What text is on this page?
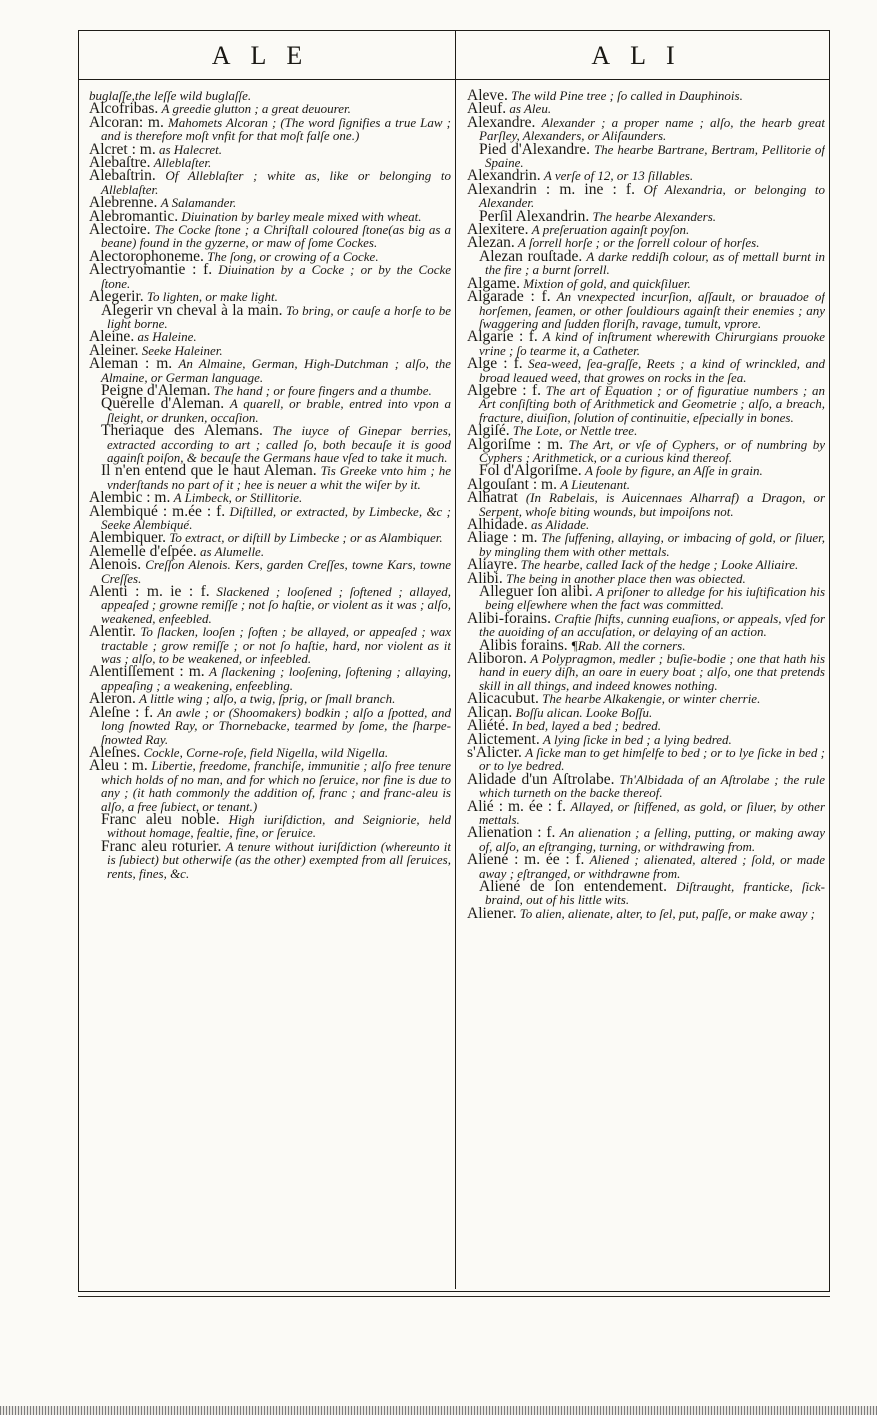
ALE	ALI
buglaſſe,the leſſe wild buglaſſe.
Alcofribas. A greedie glutton ; a great deuourer.
Alcoran: m. Mahomets Alcoran ; (The word ſignifies a true Law ; and is therefore moſt vnfit for that moſt falſe one.)
Alcret : m. as Halecret.
Alebaſtre. Alleblaſter.
Alebaſtrin. Of Alleblaſter ; white as, like or belonging to Alleblaſter.
Alebrenne. A Salamander.
Alebromantic. Diuination by barley meale mixed with wheat.
Alectoire. The Cocke ſtone ; a Chriſtall coloured ſtone(as big as a beane) found in the gyzerne, or maw of ſome Cockes.
Alectorophoneme. The ſong, or crowing of a Cocke.
Alectryomantie : f. Diuination by a Cocke ; or by the Cocke ſtone.
Alegerir. To lighten, or make light.
Alegerir vn cheval à la main. To bring, or cauſe a horſe to be light borne.
Aleine. as Haleine.
Aleiner. Seeke Haleiner.
Aleman : m. An Almaine, German, High-Dutchman ; alſo, the Almaine, or German language.
Peigne d'Aleman. The hand ; or foure fingers and a thumbe.
Querelle d'Aleman. A quarell, or brable, entred into vpon a ſleight, or drunken, occaſion.
Theriaque des Alemans. The iuyce of Ginepar berries, extracted according to art ; called ſo, both becauſe it is good againſt poiſon, & becauſe the Germans haue vſed to take it much.
Il n'en entend que le haut Aleman. Tis Greeke vnto him ; he vnderſtands no part of it ; hee is neuer a whit the wiſer by it.
Alembic : m. A Limbeck, or Stillitorie.
Alembiqué : m.ée : f. Diſtilled, or extracted, by Limbecke, &c ; Seeke Alembiqué.
Alembiquer. To extract, or diſtill by Limbecke ; or as Alambiquer.
Alemelle d'eſpée. as Alumelle.
Alenois. Creſſon Alenois. Kers, garden Creſſes, towne Kars, towne Creſſes.
Alenti : m. ie : f. Slackened ; looſened ; ſoftened ; allayed, appeaſed ; growne remiſſe ; not ſo haſtie, or violent as it was ; alſo, weakened, enfeebled.
Alentir. To ſlacken, looſen ; ſoften ; be allayed, or appeaſed ; wax tractable ; grow remiſſe ; or not ſo haſtie, hard, nor violent as it was ; alſo, to be weakened, or infeebled.
Alentiſſement : m. A ſlackening ; looſening, ſoftening ; allaying, appeaſing ; a weakening, enfeebling.
Aleron. A little wing ; alſo, a twig, ſprig, or ſmall branch.
Aleſne : f. An awle ; or (Shoomakers) bodkin ; alſo a ſpotted, and long ſnowted Ray, or Thornebacke, tearmed by ſome, the ſharpe-ſnowted Ray.
Aleſnes. Cockle, Corne-roſe, field Nigella, wild Nigella.
Aleu : m. Libertie, freedome, franchiſe, immunitie ; alſo free tenure which holds of no man, and for which no ſeruice, nor fine is due to any ; (it hath commonly the addition of, franc ; and franc-aleu is alſo, a free ſubiect, or tenant.)
Franc aleu noble. High iuriſdiction, and Seigniorie, held without homage, fealtie, fine, or ſeruice.
Franc aleu roturier. A tenure without iuriſdiction (whereunto it is ſubiect) but otherwiſe (as the other) exempted from all ſeruices, rents, fines, &c.
Aleve. The wild Pine tree ; ſo called in Dauphinois.
Aleuf. as Aleu.
Alexandre. Alexander ; a proper name ; alſo, the hearb great Parſley, Alexanders, or Aliſaunders.
Pied d'Alexandre. The hearbe Bartrane, Bertram, Pellitorie of Spaine.
Alexandrin. A verſe of 12, or 13 ſillables.
Alexandrin : m. ine : f. Of Alexandria, or belonging to Alexander.
Perſil Alexandrin. The hearbe Alexanders.
Alexitere. A preſeruation againſt poyſon.
Alezan. A ſorrell horſe ; or the ſorrell colour of horſes.
Alezan rouſtade. A darke reddiſh colour, as of mettall burnt in the fire ; a burnt ſorrell.
Algame. Mixtion of gold, and quickſiluer.
Algarade : f. An vnexpected incurſion, aſſault, or brauadoe of horſemen, ſeamen, or other ſouldiours againſt their enemies ; any ſwaggering and ſudden floriſh, ravage, tumult, vprore.
Algarie : f. A kind of inſtrument wherewith Chirurgians prouoke vrine ; ſo tearme it, a Catheter.
Alge : f. Sea-weed, ſea-graſſe, Reets ; a kind of wrinckled, and broad leaued weed, that growes on rocks in the ſea.
Algebre : f. The art of Equation ; or of figuratiue numbers ; an Art conſiſting both of Arithmetick and Geometrie ; alſo, a breach, fracture, diuiſion, ſolution of continuitie, eſpecially in bones.
Algiſé. The Lote, or Nettle tree.
Algoriſme : m. The Art, or vſe of Cyphers, or of numbring by Cyphers ; Arithmetick, or a curious kind thereof.
Fol d'Algoriſme. A foole by figure, an Aſſe in grain.
Algouſant : m. A Lieutenant.
Alhatrat (In Rabelais, is Auicennaes Alharraf) a Dragon, or Serpent, whoſe biting wounds, but impoiſons not.
Alhidade. as Alidade.
Aliage : m. The ſuffening, allaying, or imbacing of gold, or ſiluer, by mingling them with other mettals.
Aliayre. The hearbe, called Iack of the hedge ; Looke Alliaire.
Alibi. The being in another place then was obiected.
Alleguer ſon alibi. A priſoner to alledge for his iuſtification his being elſewhere when the fact was committed.
Alibi-forains. Craftie ſhifts, cunning euaſions, or appeals, vſed for the auoiding of an accuſation, or delaying of an action.
Alibis forains. ¶Rab. All the corners.
Aliboron. A Polypragmon, medler ; buſie-bodie ; one that hath his hand in euery diſh, an oare in euery boat ; alſo, one that pretends skill in all things, and indeed knowes nothing.
Alicacubut. The hearbe Alkakengie, or winter cherrie.
Alican. Boſſu alican. Looke Boſſu.
Aliété. In bed, layed a bed ; bedred.
Alictement. A lying ſicke in bed ; a lying bedred.
s'Alicter. A ſicke man to get himſelfe to bed ; or to lye ſicke in bed ; or to lye bedred.
Alidade d'un Aſtrolabe. Th'Albidada of an Aſtrolabe ; the rule which turneth on the backe thereof.
Alié : m. ée : f. Allayed, or ſtiffened, as gold, or ſiluer, by other mettals.
Alienation : f. An alienation ; a ſelling, putting, or making away of, alſo, an eſtranging, turning, or withdrawing from.
Aliené : m. ée : f. Aliened ; alienated, altered ; ſold, or made away ; eſtranged, or withdrawne from.
Aliené de ſon entendement. Diſtraught, franticke, ſick-braind, out of his little wits.
Aliener. To alien, alienate, alter, to ſel, put, paſſe, or make away ;
